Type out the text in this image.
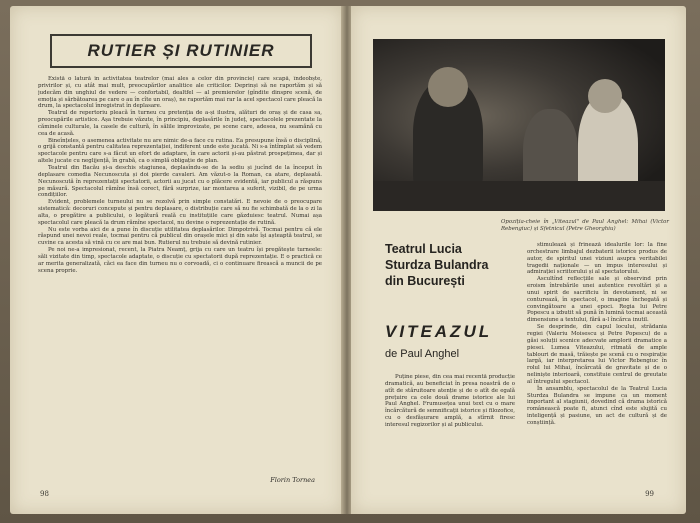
RUTIER ȘI RUTINIER

Există o latură în activitatea teatrelor (mai ales a celor din provincie) care scapă, îndeobște, privirilor și, cu atât mai mult, preocupărilor analitice ale criticilor. Deprinși să ne raportăm și să judecăm din unghiul de vedere — confortabil, dealtfel — al premierelor (gîndite dinspre scenă, de emoția și sărbătoarea pe care o au în cîte un oraș), ne raportăm mai rar la acel spectacol care pleacă la drum, la spectacolul înregistrat în deplasare.

Teatrul de repertoriu pleacă în turneu cu pretenția de a-și ilustra, alături de oraș și de casa sa, preocupările artistice. Așa trebuie văzute, în principiu, deplasările în județ, spectacolele prezentate la căminele culturale, la casele de cultură, în sălile improvizate, pe scene care, adesea, nu seamănă cu cea de acasă.

Bineînțeles, o asemenea activitate nu are nimic de-a face cu rutina. Ea presupune însă o disciplină, o grijă constantă pentru calitatea reprezentației, indiferent unde este jucată. Ni s-a întîmplat să vedem spectacole pentru care s-a făcut un efort de adaptare, în care actorii și-au păstrat prospețimea, dar și altele jucate cu neglijență, în grabă, ca o simplă obligație de plan.

Teatrul din Bacău și-a deschis stagiunea, deplasîndu-se de la sediu și jucînd de la început în deplasare comedia Necunoscuta și doi pierde cavaleri. Am văzut-o la Roman, ca atare, deplasată. Necunoscută în reprezentații spectatorii, actorii au jucat cu o plăcere evidentă, iar publicul a răspuns pe măsură. Spectacolul rămîne însă corect, fără surprize, iar montarea a suferit, vizibil, de pe urma condițiilor.

Evident, problemele turneului nu se rezolvă prin simple constatări. E nevoie de o preocupare sistematică: decoruri concepute și pentru deplasare, o distribuție care să nu fie schimbată de la o zi la alta, o pregătire a publicului, o legătură reală cu instituțiile care găzduiesc teatrul. Numai așa spectacolul care pleacă la drum rămîne spectacol, nu devine o reprezentație de rutină.

Nu este vorba aici de a pune în discuție utilitatea deplasărilor. Dimpotrivă. Tocmai pentru că ele răspund unei nevoi reale, tocmai pentru că publicul din orașele mici și din sate își așteaptă teatrul, se cuvine ca acesta să vină cu ce are mai bun. Rutierul nu trebuie să devină rutinier.

Pe noi ne-a impresionat, recent, la Piatra Neamț, grija cu care un teatru își pregătește turneele: săli vizitate din timp, spectacole adaptate, o discuție cu spectatorii după reprezentație. E o practică ce ar merita generalizată, căci ea face din turneu nu o corvoadă, ci o continuare firească a muncii de pe scena proprie.

Florin Tornea
98
Opoziția-cheie în „Viteazul" de Paul Anghel: Mihai (Victor Rebengiuc) și Sfetnicul (Petre Gheorghiu)
Teatrul Lucia Sturdza Bulandra din București
VITEAZUL
de Paul Anghel

Puține piese, din cea mai recentă producție dramatică, au beneficiat în presa noastră de o atît de stăruitoare atenție și de o atît de egală prețuire ca cele două drame istorice ale lui Paul Anghel. Frumusețea unui text cu o mare încărcătură de semnificații istorice și filozofice, cu o desfășurare amplă, a stîrnit firesc interesul regizorilor și al publicului.

stimulează și frînează idealurile lor: la fine orchestrare limbajul dezbaterii istorice produs de autor, de spiritul unei viziuni asupra veritabilei tragedii naționale — un impus interesului și admirației scriitorului și al spectatorului.

Ascultînd reflecțiile sale și observind prin eroism întrebările unei autentice revoltări și a unui spirit de sacrificiu în devotament, ni se conturează, în spectacol, o imagine închegată și convingătoare a unei epoci. Regia lui Petre Popescu a izbutit să pună în lumină tocmai această dimensiune a textului, fără a-l încărca inutil.

Se desprinde, din capul locului, strădania regiei (Valeriu Moisescu și Petre Popescu) de a găsi soluții scenice adecvate amplorii dramatice a piesei. Lumea Viteazului, ritmată de ample tablouri de masă, trăiește pe scenă cu o respirație largă, iar interpretarea lui Victor Rebengiuc în rolul lui Mihai, încărcată de gravitate și de o neliniște interioară, constituie centrul de greutate al întregului spectacol.

În ansamblu, spectacolul de la Teatrul Lucia Sturdza Bulandra se impune ca un moment important al stagiunii, dovedind că drama istorică românească poate fi, atunci cînd este slujită cu inteligență și pasiune, un act de cultură și de conștiință.

99
